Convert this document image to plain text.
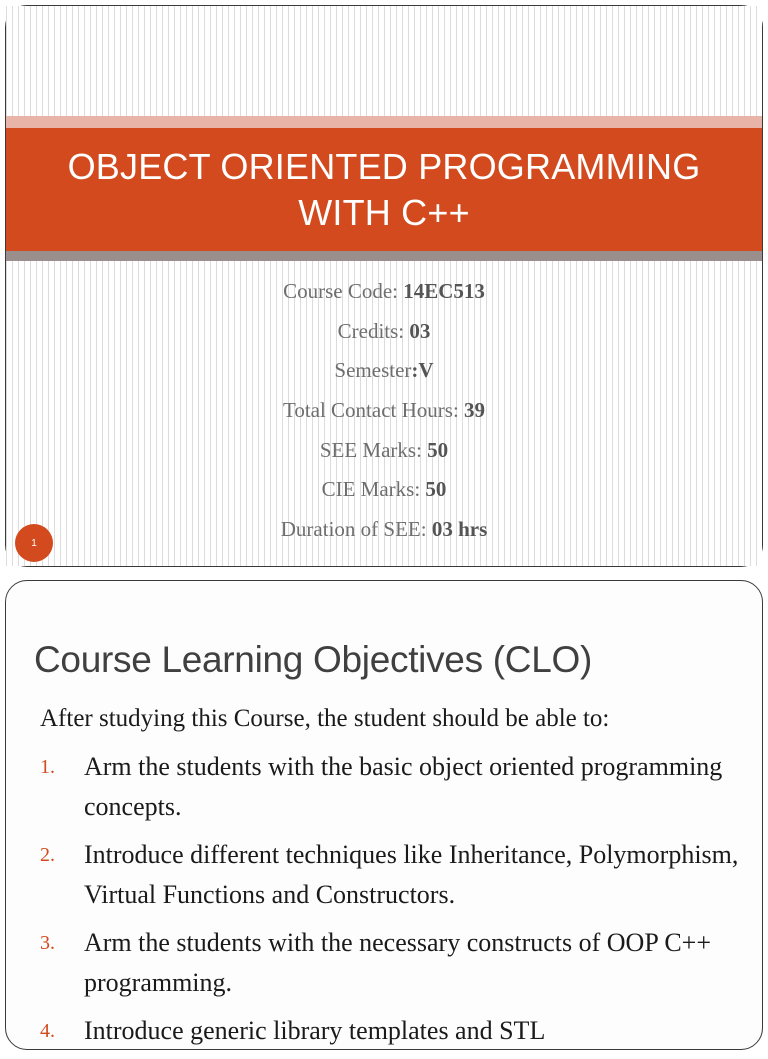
OBJECT ORIENTED PROGRAMMING
WITH C++
Course Code: 14EC513
Credits: 03
Semester:V
Total Contact Hours: 39
SEE Marks: 50
CIE Marks: 50
Duration of SEE: 03 hrs
1
Course Learning Objectives (CLO)
After studying this Course, the student should be able to:
1.	Arm the students with the basic object oriented programming concepts.
2.	Introduce different techniques like Inheritance, Polymorphism, Virtual Functions and Constructors.
3.	Arm the students with the necessary constructs of OOP C++ programming.
4.	Introduce generic library templates and STL
